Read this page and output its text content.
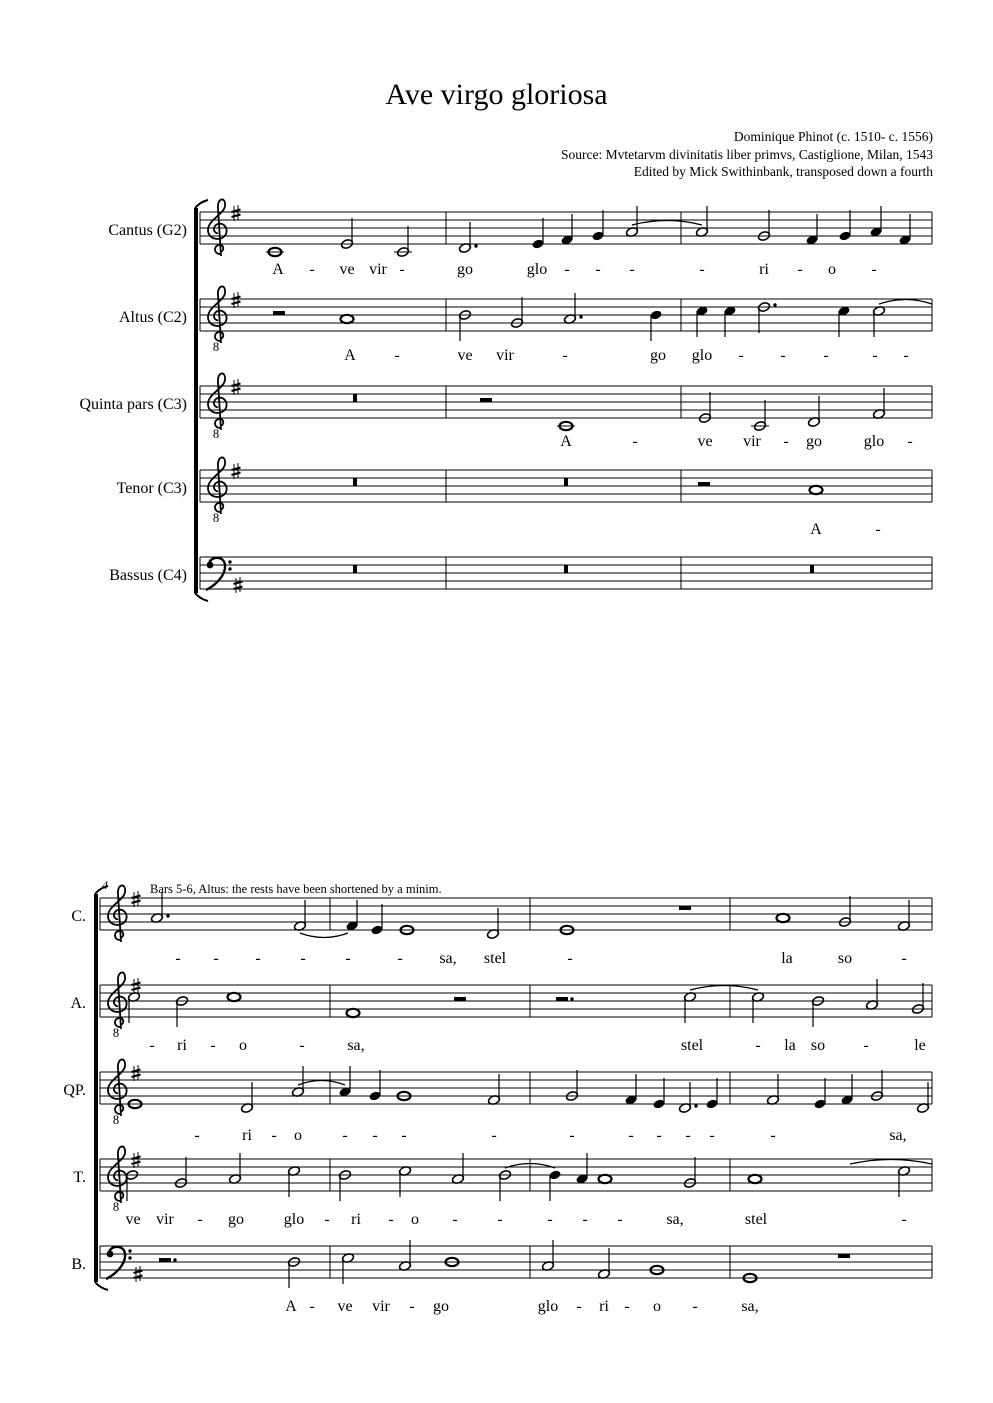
Ave virgo gloriosa
Dominique Phinot (c. 1510- c. 1556)
Source: Mvtetarvm divinitatis liber primvs, Castiglione, Milan, 1543
Edited by Mick Swithinbank, transposed down a fourth
Cantus (G2)
8
Altus (C2)
8
Quinta pars (C3)
8
Tenor (C3)
Bassus (C4)
A - ve vir -	go	glo - - -	-	ri - o -
A -	ve vir	-	go glo - - -	- -
A	-	ve vir - go	glo -
A	-
4	Bars 5-6, Altus: the rests have been shortened by a minim.
C.
8
A.
8
QP.
8
T.
B.
- - - - -	- sa, stel	-	la	so	-
- ri - o	-	sa,	stel	- la so -	le
-	ri - o	- - -	-	-	- - - -	-	sa,
ve vir - go glo - ri - o - -	- - -	sa,	stel	-
A - ve vir - go	glo - ri - o -	sa,
